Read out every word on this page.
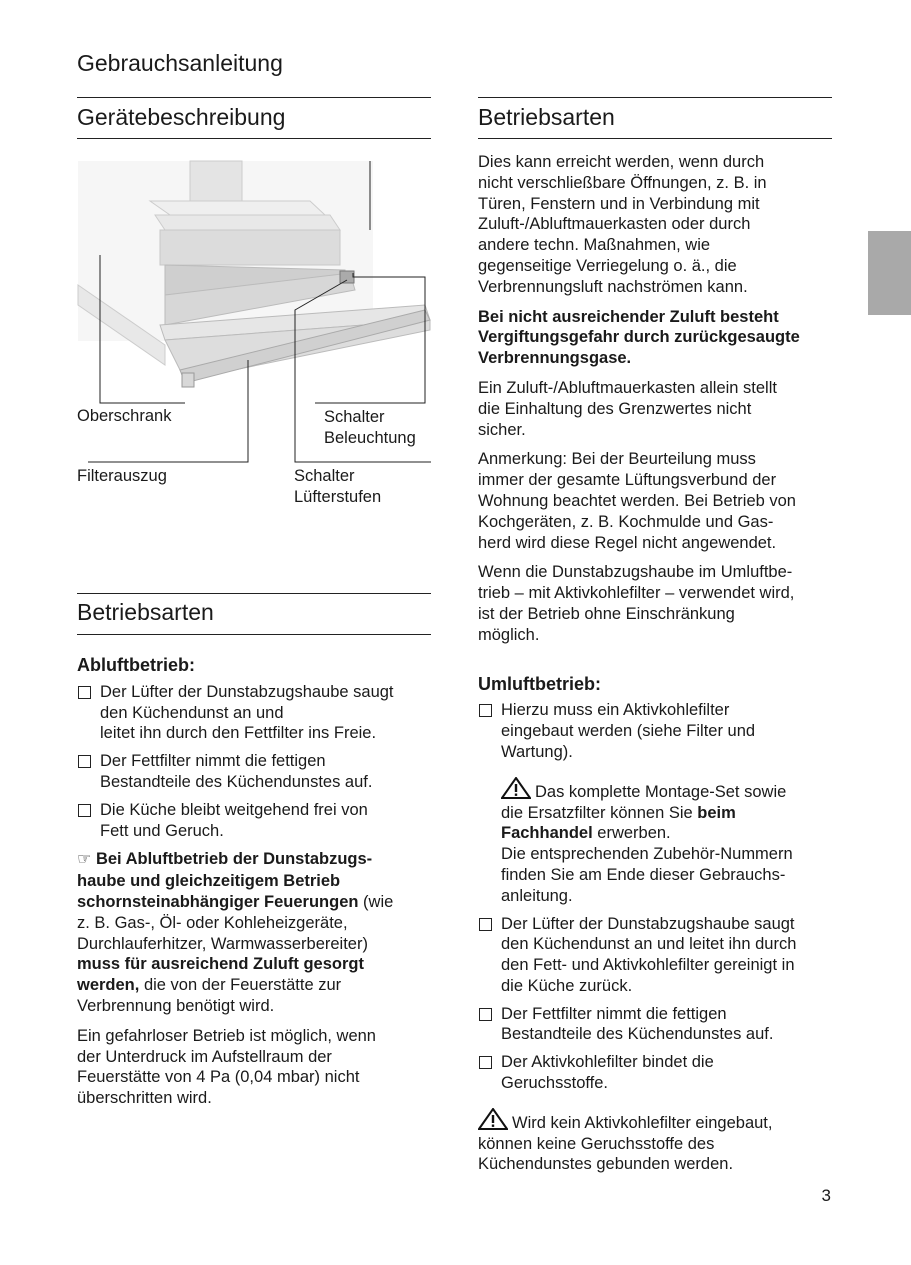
Gebrauchsanleitung
Gerätebeschreibung
Oberschrank	Schalter
Beleuchtung
Filterauszug	Schalter
Lüfterstufen
Betriebsarten
Abluftbetrieb:
Der Lüfter der Dunstabzugshaube saugt
den Küchendunst an und
leitet ihn durch den Fettfilter ins Freie.
Der Fettfilter nimmt die fettigen
Bestandteile des Küchendunstes auf.
Die Küche bleibt weitgehend frei von
Fett und Geruch.

☞ Bei Abluftbetrieb der Dunstabzugs-
haube und gleichzeitigem Betrieb
schornsteinabhängiger Feuerungen (wie
z. B. Gas-, Öl- oder Kohleheizgeräte,
Durchlauferhitzer, Warmwasserbereiter)
muss für ausreichend Zuluft gesorgt
werden, die von der Feuerstätte zur
Verbrennung benötigt wird.

Ein gefahrloser Betrieb ist möglich, wenn
der Unterdruck im Aufstellraum der
Feuerstätte von 4 Pa (0,04 mbar) nicht
überschritten wird.

Betriebsarten

Dies kann erreicht werden, wenn durch
nicht verschließbare Öffnungen, z. B. in
Türen, Fenstern und in Verbindung mit
Zuluft-/Abluftmauerkasten oder durch
andere techn. Maßnahmen, wie
gegenseitige Verriegelung o. ä., die
Verbrennungsluft nachströmen kann.

Bei nicht ausreichender Zuluft besteht
Vergiftungsgefahr durch zurückgesaugte
Verbrennungsgase.

Ein Zuluft-/Abluftmauerkasten allein stellt
die Einhaltung des Grenzwertes nicht
sicher.

Anmerkung: Bei der Beurteilung muss
immer der gesamte Lüftungsverbund der
Wohnung beachtet werden. Bei Betrieb von
Kochgeräten, z. B. Kochmulde und Gas-
herd wird diese Regel nicht angewendet.

Wenn die Dunstabzugshaube im Umluftbe-
trieb – mit Aktivkohlefilter – verwendet wird,
ist der Betrieb ohne Einschränkung
möglich.

Umluftbetrieb:
Hierzu muss ein Aktivkohlefilter
eingebaut werden (siehe Filter und
Wartung).
Das komplette Montage-Set sowie
die Ersatzfilter können Sie beim
Fachhandel erwerben.
Die entsprechenden Zubehör-Nummern
finden Sie am Ende dieser Gebrauchs-
anleitung.
Der Lüfter der Dunstabzugshaube saugt
den Küchendunst an und leitet ihn durch
den Fett- und Aktivkohlefilter gereinigt in
die Küche zurück.
Der Fettfilter nimmt die fettigen
Bestandteile des Küchendunstes auf.
Der Aktivkohlefilter bindet die
Geruchsstoffe.
Wird kein Aktivkohlefilter eingebaut,
können keine Geruchsstoffe des
Küchendunstes gebunden werden.
3
